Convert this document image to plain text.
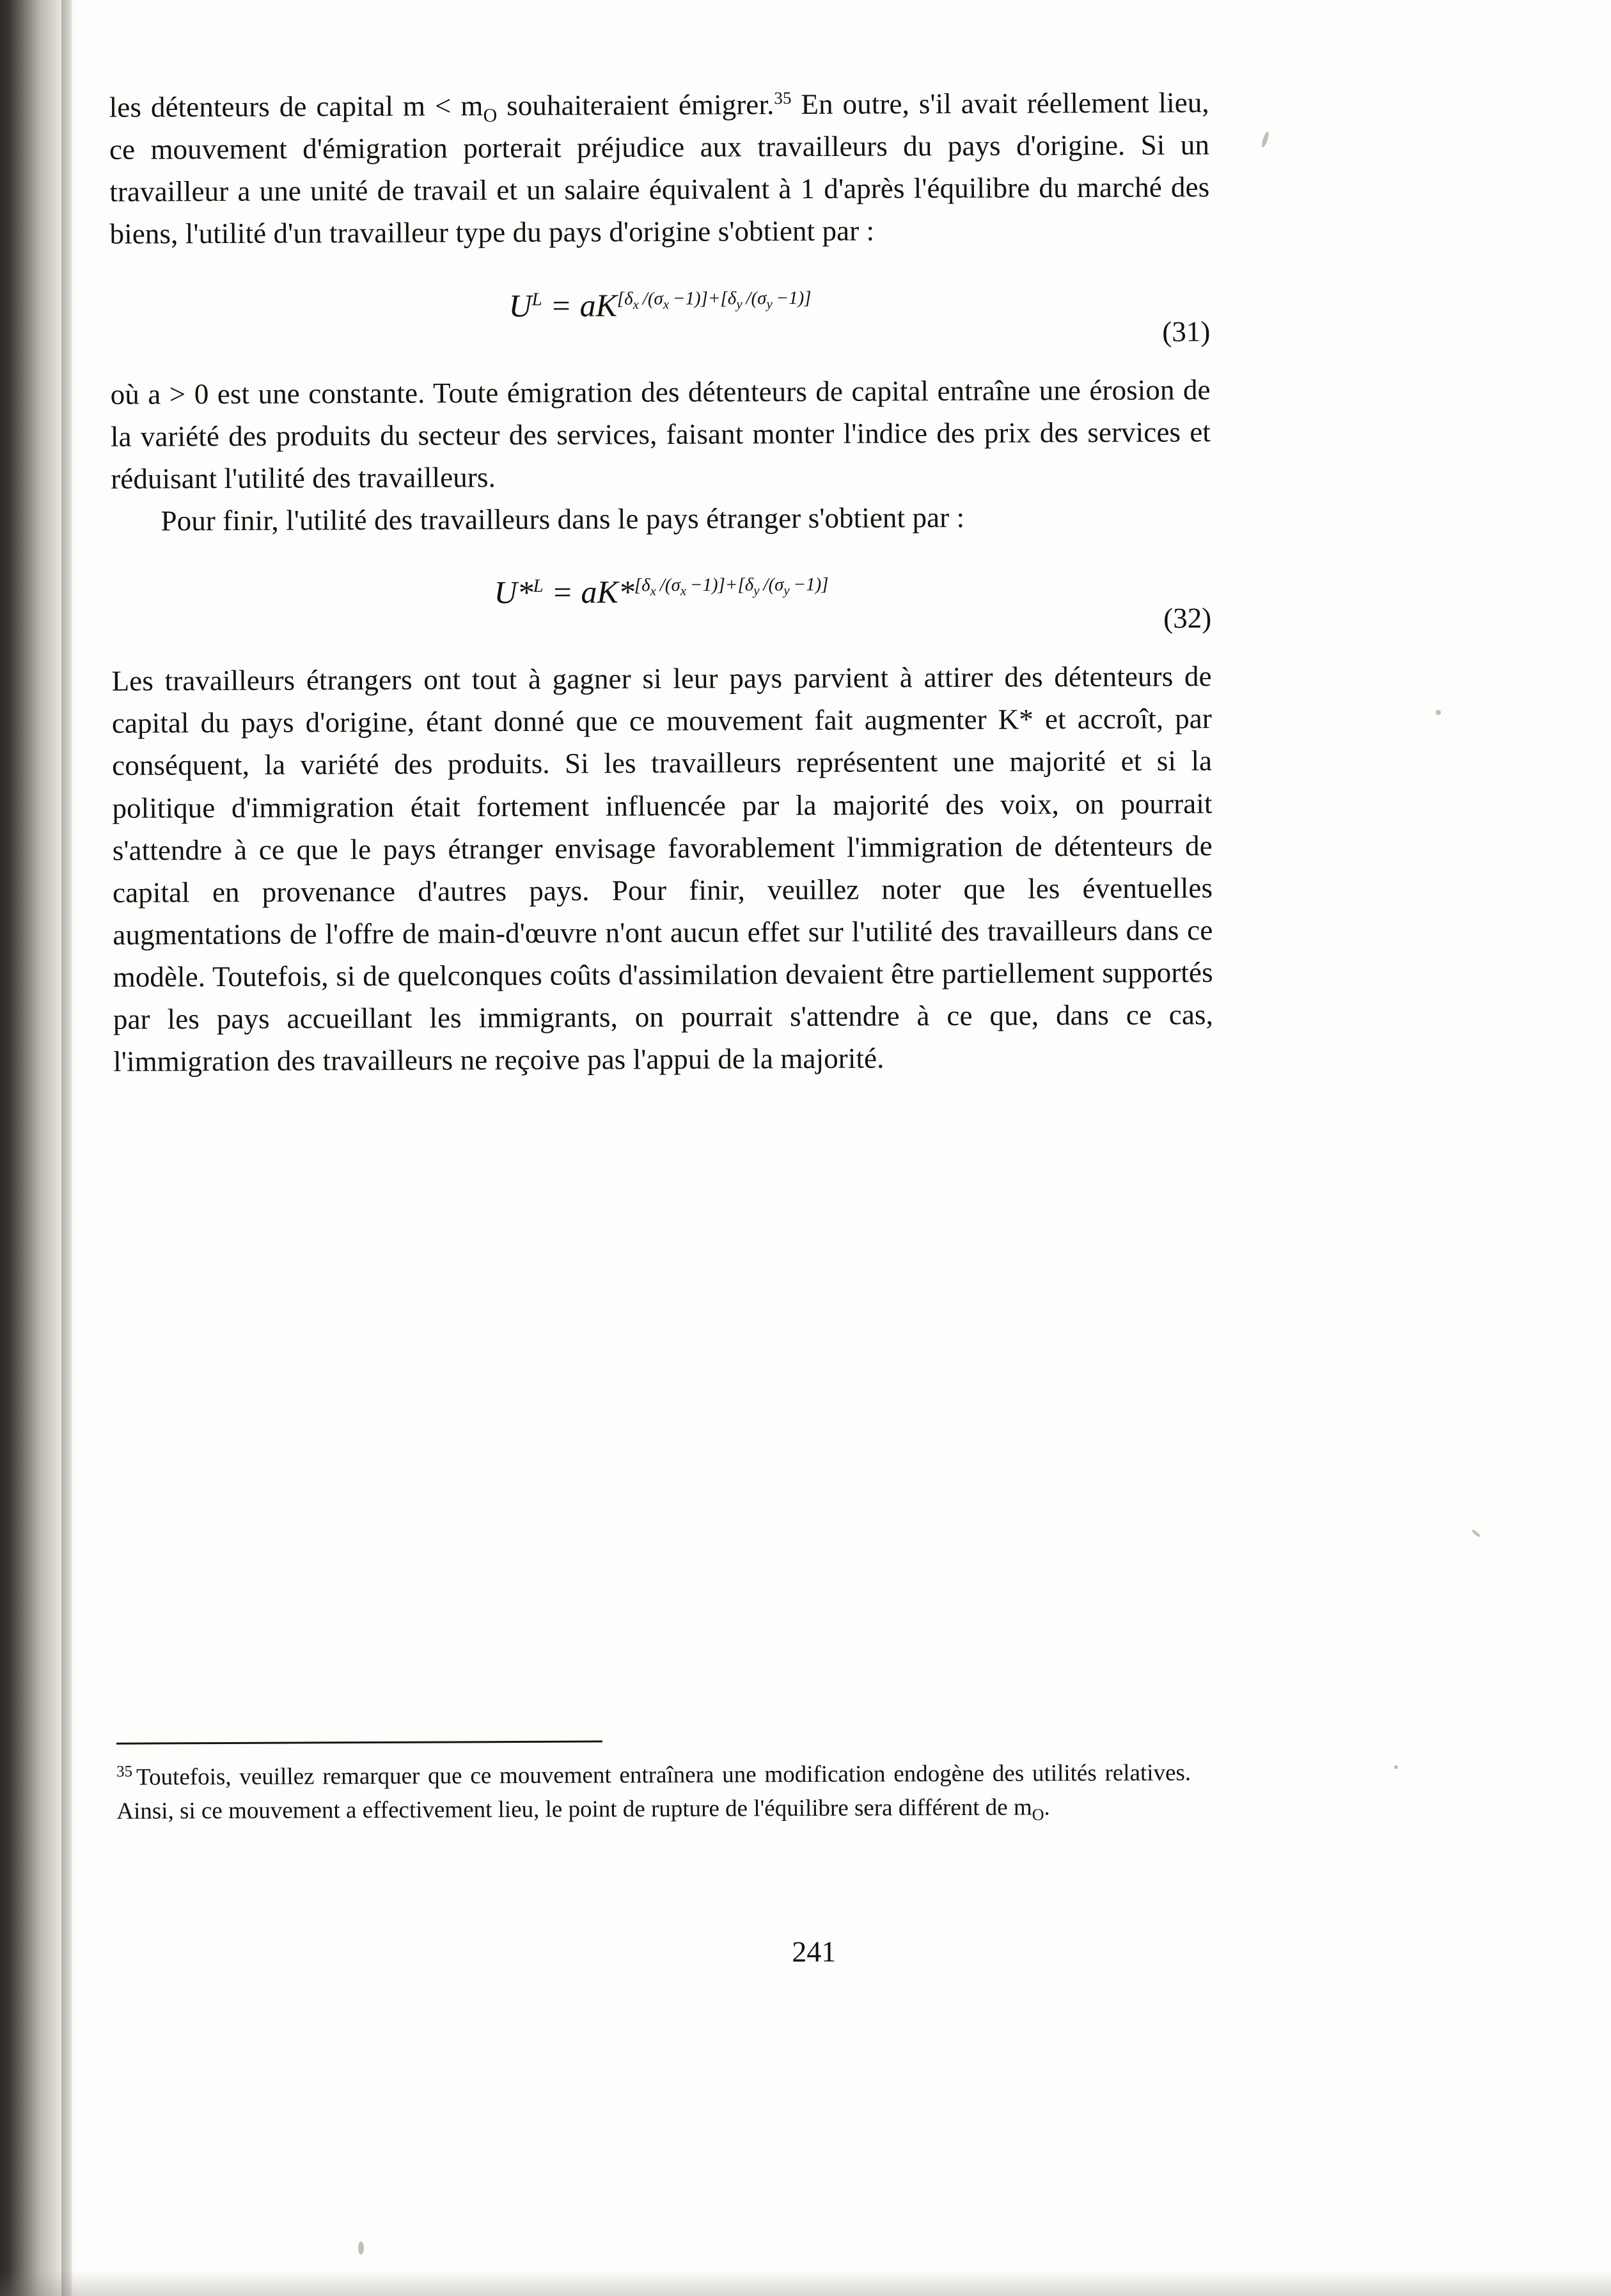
les détenteurs de capital $m < m_O$ souhaiteraient émigrer.$^{35}$ En outre, s'il avait réellement lieu, ce mouvement d'émigration porterait préjudice aux travailleurs du pays d'origine. Si un travailleur a une unité de travail et un salaire équivalent à 1 d'après l'équilibre du marché des biens, l'utilité d'un travailleur type du pays d'origine s'obtient par :

$U^L = aK[\delta x /(\sigma x -1)]+[\delta y /(\sigma y -1)]$
(31)

où a > 0 est une constante. Toute émigration des détenteurs de capital entraîne une érosion de la variété des produits du secteur des services, faisant monter l'indice des prix des services et réduisant l'utilité des travailleurs.

Pour finir, l'utilité des travailleurs dans le pays étranger s'obtient par :

U*$^L$ = aK*[δx /(σx −1)]+[δy /(σy −1)]
(32)

Les travailleurs étrangers ont tout à gagner si leur pays parvient à attirer des détenteurs de capital du pays d'origine, étant donné que ce mouvement fait augmenter K* et accroît, par conséquent, la variété des produits. Si les travailleurs représentent une majorité et si la politique d'immigration était fortement influencée par la majorité des voix, on pourrait s'attendre à ce que le pays étranger envisage favorablement l'immigration de détenteurs de capital en provenance d'autres pays. Pour finir, veuillez noter que les éventuelles augmentations de l'offre de main-d'œuvre n'ont aucun effet sur l'utilité des travailleurs dans ce modèle. Toutefois, si de quelconques coûts d'assimilation devaient être partiellement supportés par les pays accueillant les immigrants, on pourrait s'attendre à ce que, dans ce cas, l'immigration des travailleurs ne reçoive pas l'appui de la majorité.

$^{35}$ Toutefois, veuillez remarquer que ce mouvement entraînera une modification endogène des utilités relatives. Ainsi, si ce mouvement a effectivement lieu, le point de rupture de l'équilibre sera différent de $m_O$.

241
